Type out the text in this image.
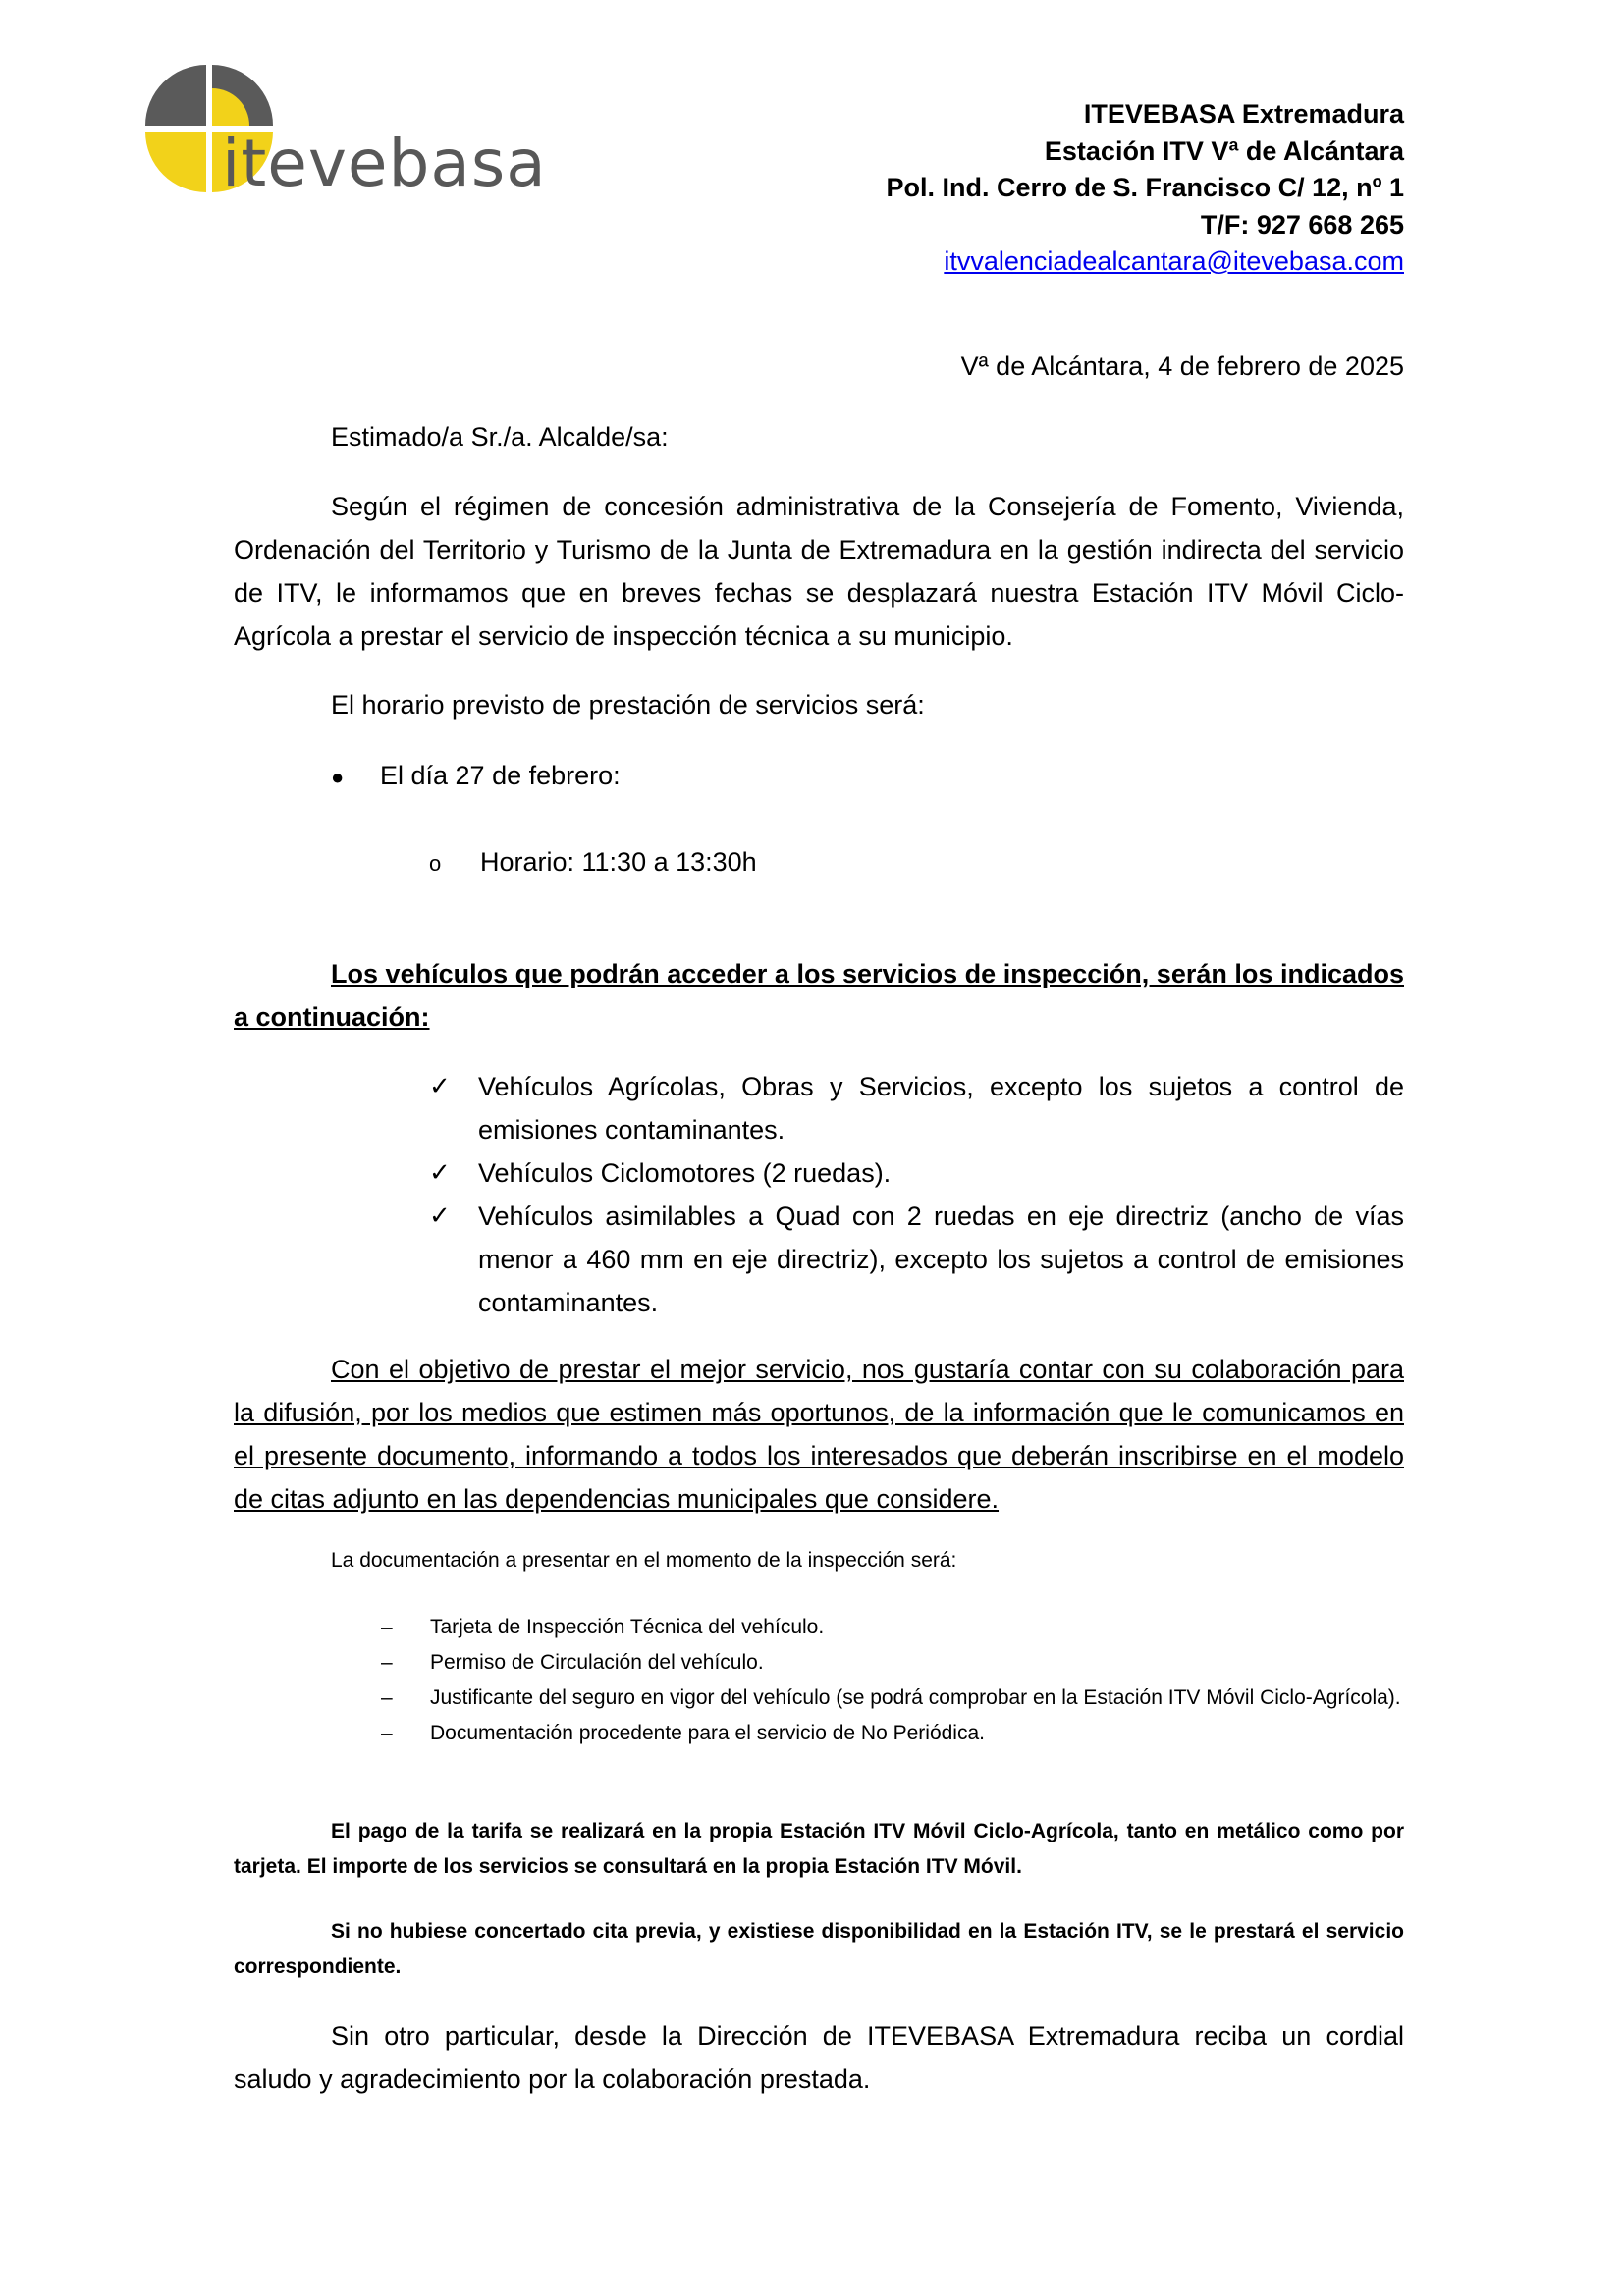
itevebasa
ITEVEBASA Extremadura
Estación ITV Vª de Alcántara
Pol. Ind. Cerro de S. Francisco C/ 12, nº 1
T/F: 927 668 265
itvvalenciadealcantara@itevebasa.com
Vª de Alcántara, 4 de febrero de 2025
Estimado/a Sr./a. Alcalde/sa:
Según el régimen de concesión administrativa de la Consejería de Fomento, Vivienda, Ordenación del Territorio y Turismo de la Junta de Extremadura en la gestión indirecta del servicio de ITV, le informamos que en breves fechas se desplazará nuestra Estación ITV Móvil Ciclo-Agrícola a prestar el servicio de inspección técnica a su municipio.
El horario previsto de prestación de servicios será:
● El día 27 de febrero:
o Horario: 11:30 a 13:30h
Los vehículos que podrán acceder a los servicios de inspección, serán los indicados a continuación:
✓ Vehículos Agrícolas, Obras y Servicios, excepto los sujetos a control de emisiones contaminantes.
✓ Vehículos Ciclomotores (2 ruedas).
✓ Vehículos asimilables a Quad con 2 ruedas en eje directriz (ancho de vías menor a 460 mm en eje directriz), excepto los sujetos a control de emisiones contaminantes.
Con el objetivo de prestar el mejor servicio, nos gustaría contar con su colaboración para la difusión, por los medios que estimen más oportunos, de la información que le comunicamos en el presente documento, informando a todos los interesados que deberán inscribirse en el modelo de citas adjunto en las dependencias municipales que considere.
La documentación a presentar en el momento de la inspección será:
– Tarjeta de Inspección Técnica del vehículo.
– Permiso de Circulación del vehículo.
– Justificante del seguro en vigor del vehículo (se podrá comprobar en la Estación ITV Móvil Ciclo-Agrícola).
– Documentación procedente para el servicio de No Periódica.
El pago de la tarifa se realizará en la propia Estación ITV Móvil Ciclo-Agrícola, tanto en metálico como por tarjeta. El importe de los servicios se consultará en la propia Estación ITV Móvil.
Si no hubiese concertado cita previa, y existiese disponibilidad en la Estación ITV, se le prestará el servicio correspondiente.
Sin otro particular, desde la Dirección de ITEVEBASA Extremadura reciba un cordial saludo y agradecimiento por la colaboración prestada.
